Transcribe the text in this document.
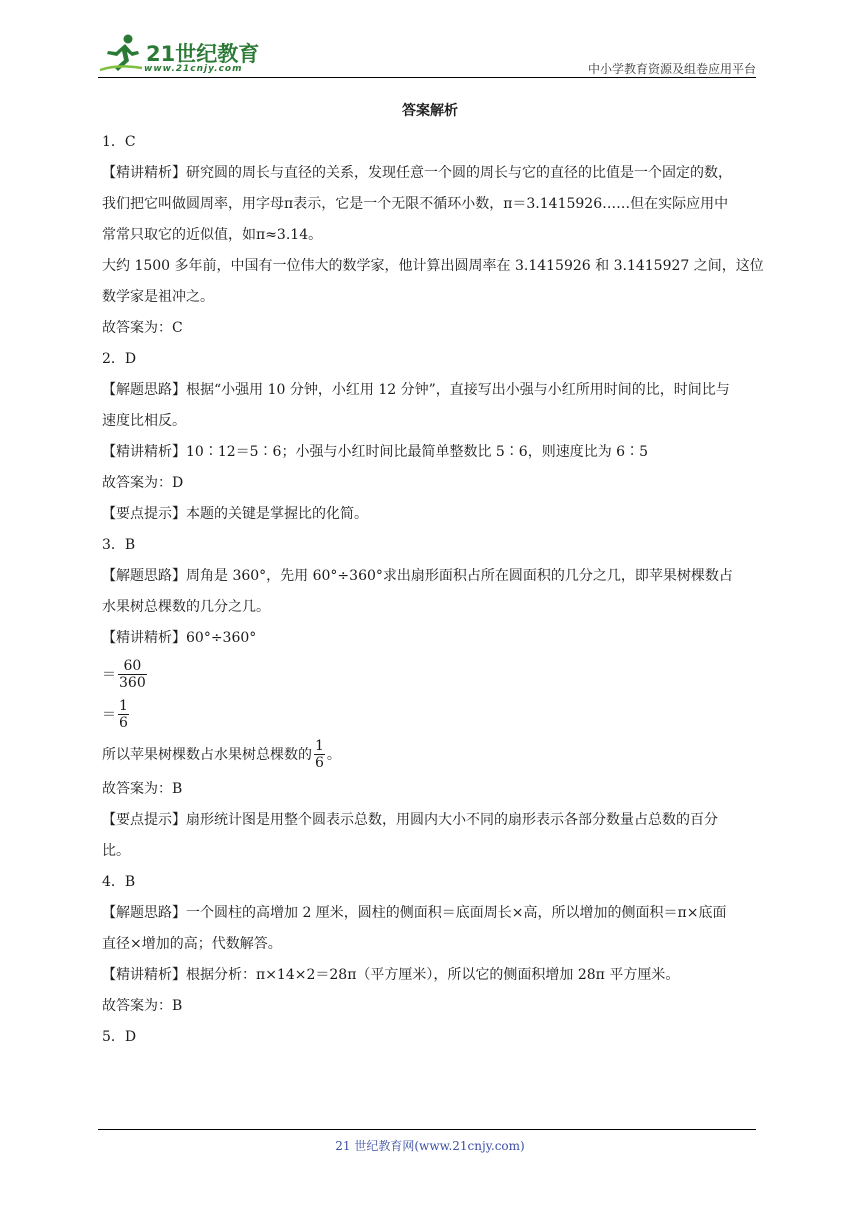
21世纪教育
www.21cnjy.com	中小学教育资源及组卷应用平台
答案解析

1．C

【精讲精析】研究圆的周长与直径的关系，发现任意一个圆的周长与它的直径的比值是一个固定的数，

我们把它叫做圆周率，用字母π表示，它是一个无限不循环小数，π＝3.1415926……但在实际应用中

常常只取它的近似值，如π≈3.14。

大约 1500 多年前，中国有一位伟大的数学家，他计算出圆周率在 3.1415926 和 3.1415927 之间，这位

数学家是祖冲之。

故答案为：C

2．D

【解题思路】根据“小强用 10 分钟，小红用 12 分钟”，直接写出小强与小红所用时间的比，时间比与

速度比相反。

【精讲精析】10∶12＝5∶6；小强与小红时间比最简单整数比 5∶6，则速度比为 6∶5

故答案为：D

【要点提示】本题的关键是掌握比的化简。

3．B

【解题思路】周角是 360°，先用 60°÷360°求出扇形面积占所在圆面积的几分之几，即苹果树棵数占

水果树总棵数的几分之几。

【精讲精析】60°÷360°

＝ $\frac{60}{360}$
＝ $\frac{1}{6}$
所以苹果树棵数占水果树总棵数的 $\frac{1}{6}$ 。

故答案为：B

【要点提示】扇形统计图是用整个圆表示总数，用圆内大小不同的扇形表示各部分数量占总数的百分

比。

4．B

【解题思路】一个圆柱的高增加 2 厘米，圆柱的侧面积＝底面周长×高，所以增加的侧面积＝π×底面

直径×增加的高；代数解答。

【精讲精析】根据分析：π×14×2＝28π（平方厘米），所以它的侧面积增加 28π 平方厘米。

故答案为：B

5．D

21 世纪教育网(www.21cnjy.com)
